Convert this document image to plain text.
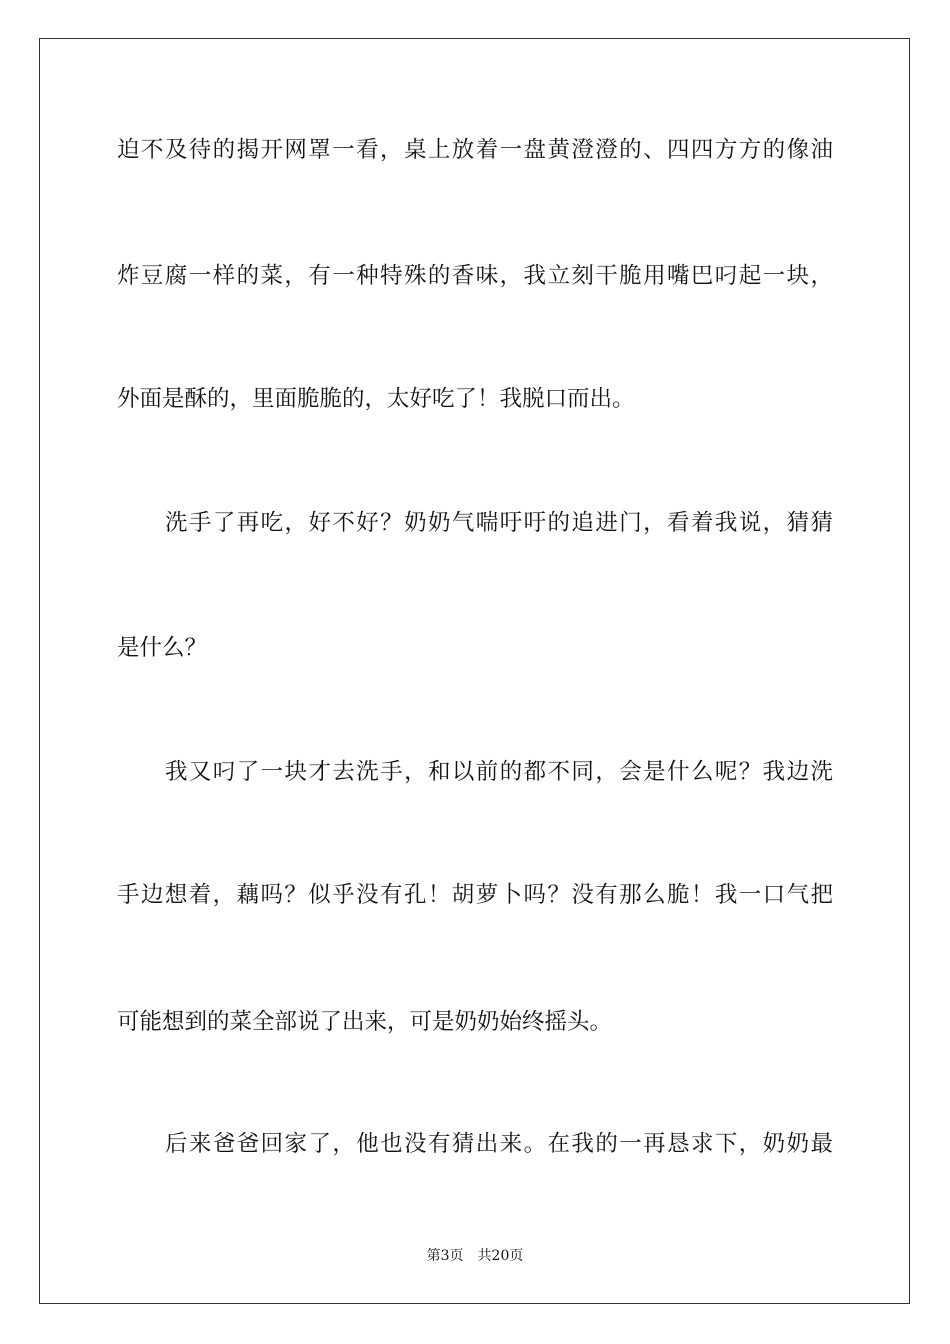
迫不及待的揭开网罩一看，桌上放着一盘黄澄澄的、四四方方的像油
炸豆腐一样的菜，有一种特殊的香味，我立刻干脆用嘴巴叼起一块，
外面是酥的，里面脆脆的，太好吃了！我脱口而出。
洗手了再吃，好不好？奶奶气喘吁吁的追进门，看着我说，猜猜
是什么？
我又叼了一块才去洗手，和以前的都不同，会是什么呢？我边洗
手边想着，藕吗？似乎没有孔！胡萝卜吗？没有那么脆！我一口气把
可能想到的菜全部说了出来，可是奶奶始终摇头。
后来爸爸回家了，他也没有猜出来。在我的一再恳求下，奶奶最
第3页 共20页
